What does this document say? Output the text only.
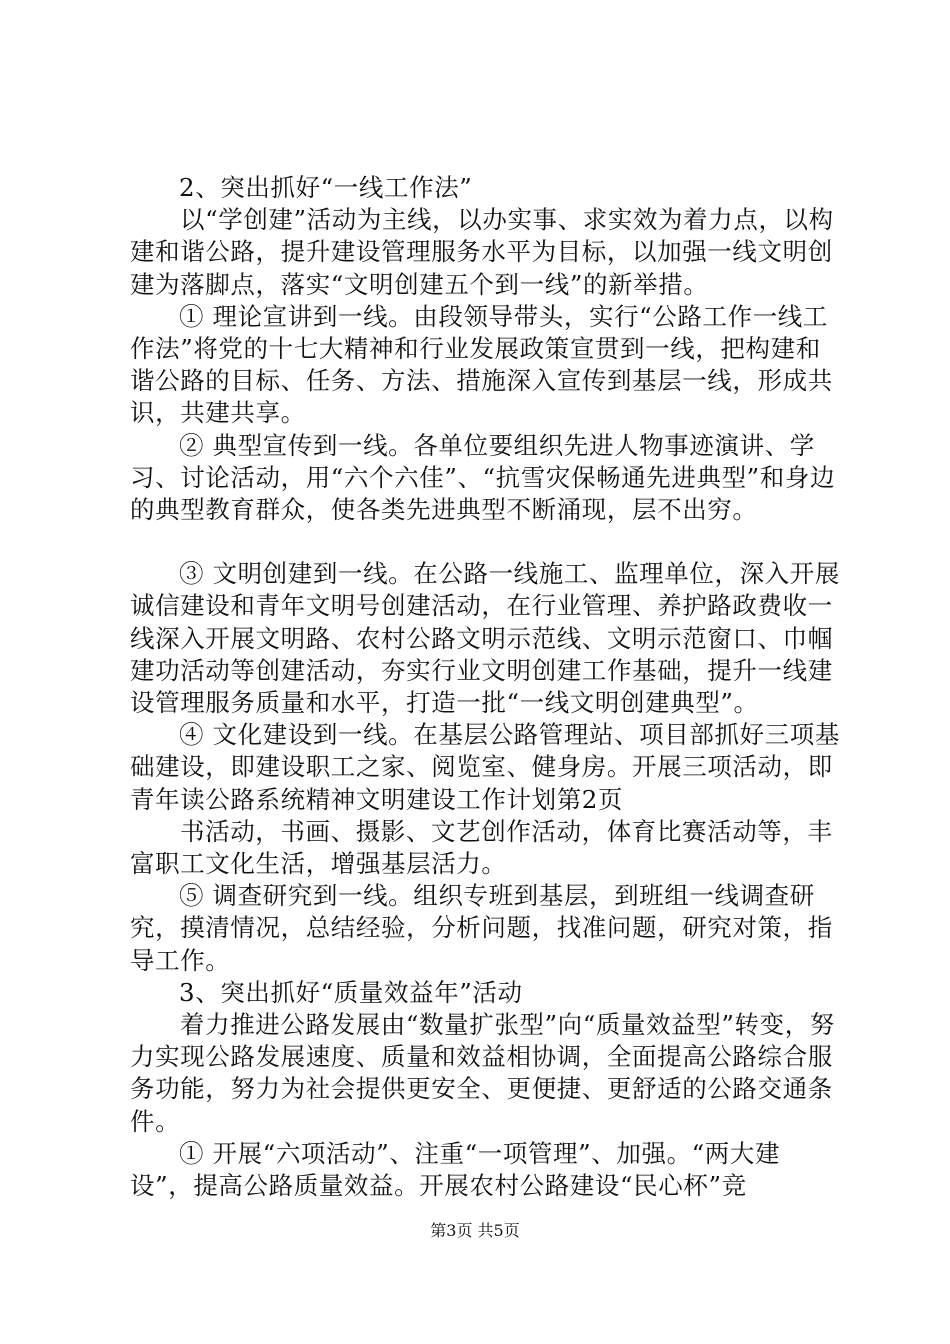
2、突出抓好“一线工作法”

以“学创建”活动为主线，以办实事、求实效为着力点，以构建和谐公路，提升建设管理服务水平为目标，以加强一线文明创建为落脚点，落实“文明创建五个到一线”的新举措。

① 理论宣讲到一线。由段领导带头，实行“公路工作一线工作法”将党的十七大精神和行业发展政策宣贯到一线，把构建和谐公路的目标、任务、方法、措施深入宣传到基层一线，形成共识，共建共享。

② 典型宣传到一线。各单位要组织先进人物事迹演讲、学习、讨论活动，用“六个六佳”、“抗雪灾保畅通先进典型”和身边的典型教育群众，使各类先进典型不断涌现，层不出穷。

③ 文明创建到一线。在公路一线施工、监理单位，深入开展诚信建设和青年文明号创建活动，在行业管理、养护路政费收一线深入开展文明路、农村公路文明示范线、文明示范窗口、巾帼建功活动等创建活动，夯实行业文明创建工作基础，提升一线建设管理服务质量和水平，打造一批“一线文明创建典型”。

④ 文化建设到一线。在基层公路管理站、项目部抓好三项基础建设，即建设职工之家、阅览室、健身房。开展三项活动，即青年读公路系统精神文明建设工作计划第2页

书活动，书画、摄影、文艺创作活动，体育比赛活动等，丰富职工文化生活，增强基层活力。

⑤ 调查研究到一线。组织专班到基层，到班组一线调查研究，摸清情况，总结经验，分析问题，找准问题，研究对策，指导工作。

3、突出抓好“质量效益年”活动

着力推进公路发展由“数量扩张型”向“质量效益型”转变，努力实现公路发展速度、质量和效益相协调，全面提高公路综合服务功能，努力为社会提供更安全、更便捷、更舒适的公路交通条件。

① 开展“六项活动”、注重“一项管理”、加强。“两大建设”，提高公路质量效益。开展农村公路建设“民心杯”竞

第3页 共5页
